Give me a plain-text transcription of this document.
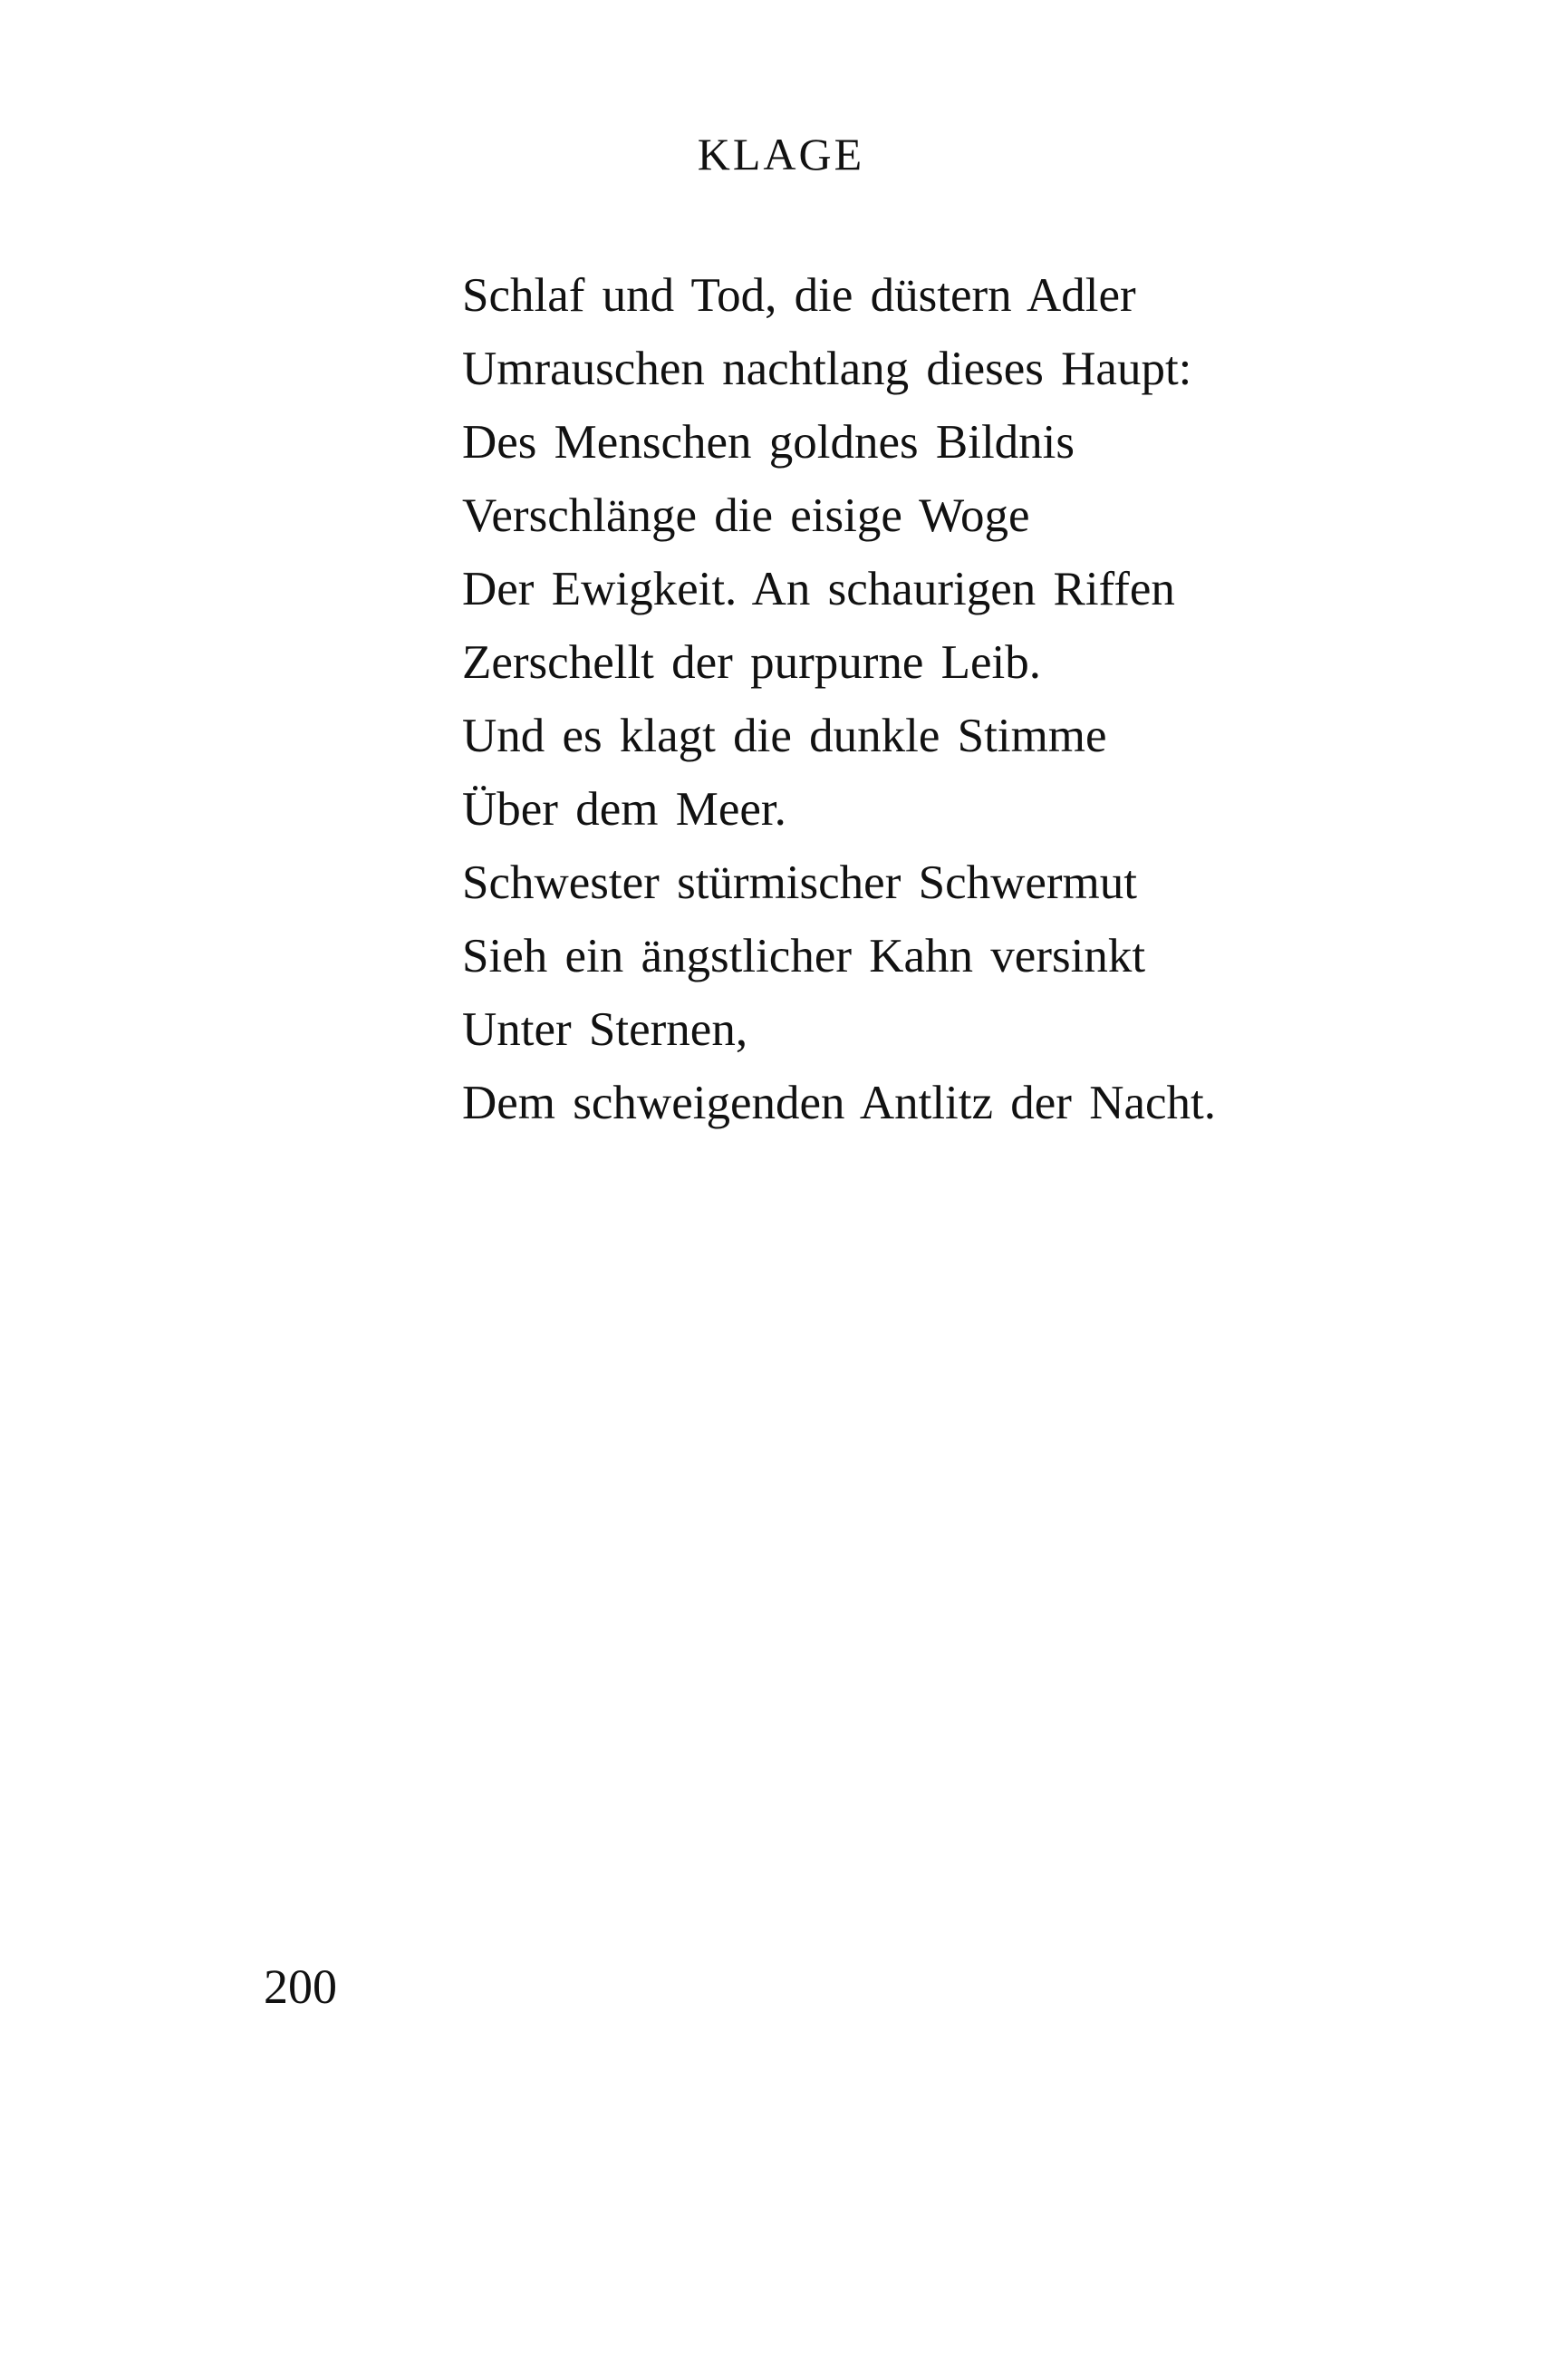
KLAGE
Schlaf und Tod, die düstern Adler
Umrauschen nachtlang dieses Haupt:
Des Menschen goldnes Bildnis
Verschlänge die eisige Woge
Der Ewigkeit. An schaurigen Riffen
Zerschellt der purpurne Leib.
Und es klagt die dunkle Stimme
Über dem Meer.
Schwester stürmischer Schwermut
Sieh ein ängstlicher Kahn versinkt
Unter Sternen,
Dem schweigenden Antlitz der Nacht.
200
